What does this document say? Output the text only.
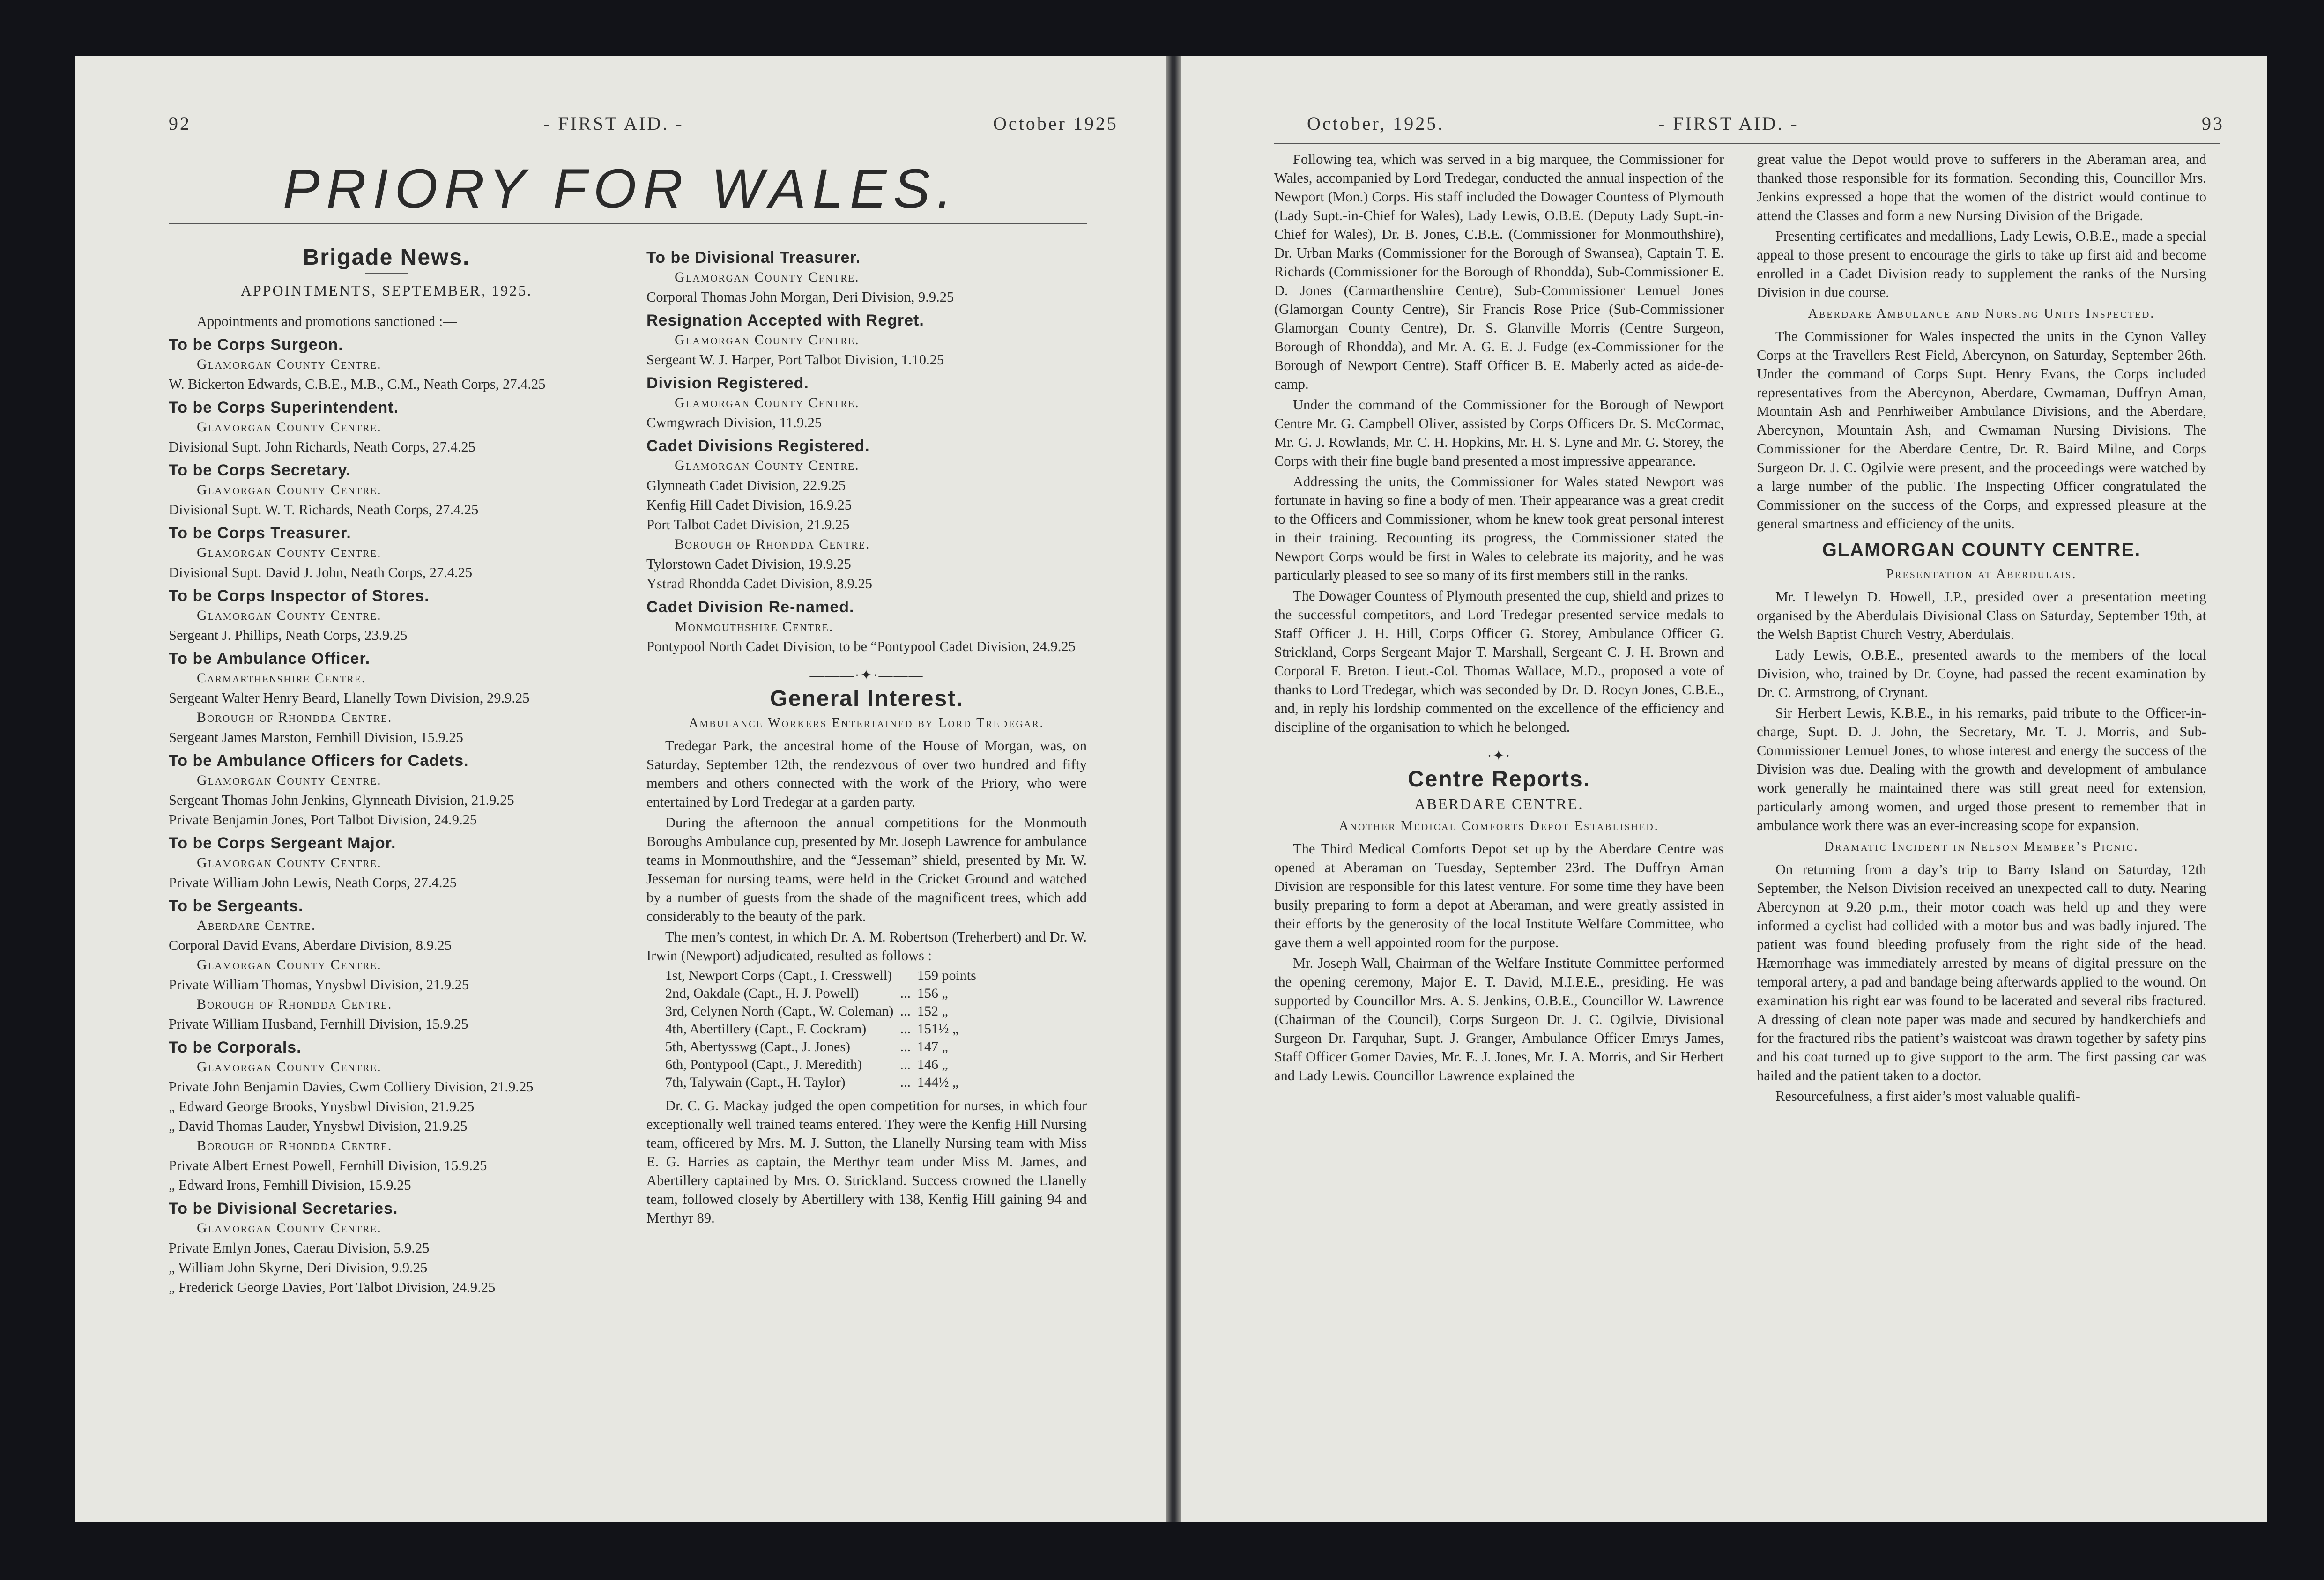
92	- FIRST AID. -	October 1925
PRIORY FOR WALES.
Brigade News.
APPOINTMENTS, SEPTEMBER, 1925.
Appointments and promotions sanctioned :—
To be Corps Surgeon.
Glamorgan County Centre.
W. Bickerton Edwards, C.B.E., M.B., C.M., Neath Corps, 27.4.25
To be Corps Superintendent.
Glamorgan County Centre.
Divisional Supt. John Richards, Neath Corps, 27.4.25
To be Corps Secretary.
Glamorgan County Centre.
Divisional Supt. W. T. Richards, Neath Corps, 27.4.25
To be Corps Treasurer.
Glamorgan County Centre.
Divisional Supt. David J. John, Neath Corps, 27.4.25
To be Corps Inspector of Stores.
Glamorgan County Centre.
Sergeant J. Phillips, Neath Corps, 23.9.25
To be Ambulance Officer.
Carmarthenshire Centre.
Sergeant Walter Henry Beard, Llanelly Town Division, 29.9.25
Borough of Rhondda Centre.
Sergeant James Marston, Fernhill Division, 15.9.25
To be Ambulance Officers for Cadets.
Glamorgan County Centre.
Sergeant Thomas John Jenkins, Glynneath Division, 21.9.25
Private Benjamin Jones, Port Talbot Division, 24.9.25
To be Corps Sergeant Major.
Glamorgan County Centre.
Private William John Lewis, Neath Corps, 27.4.25
To be Sergeants.
Aberdare Centre.
Corporal David Evans, Aberdare Division, 8.9.25
Glamorgan County Centre.
Private William Thomas, Ynysbwl Division, 21.9.25
Borough of Rhondda Centre.
Private William Husband, Fernhill Division, 15.9.25
To be Corporals.
Glamorgan County Centre.
Private John Benjamin Davies, Cwm Colliery Division, 21.9.25
„ Edward George Brooks, Ynysbwl Division, 21.9.25
„ David Thomas Lauder, Ynysbwl Division, 21.9.25
Borough of Rhondda Centre.
Private Albert Ernest Powell, Fernhill Division, 15.9.25
„ Edward Irons, Fernhill Division, 15.9.25
To be Divisional Secretaries.
Glamorgan County Centre.
Private Emlyn Jones, Caerau Division, 5.9.25
„ William John Skyrne, Deri Division, 9.9.25
„ Frederick George Davies, Port Talbot Division, 24.9.25
To be Divisional Treasurer.
Glamorgan County Centre.
Corporal Thomas John Morgan, Deri Division, 9.9.25
Resignation Accepted with Regret.
Glamorgan County Centre.
Sergeant W. J. Harper, Port Talbot Division, 1.10.25
Division Registered.
Glamorgan County Centre.
Cwmgwrach Division, 11.9.25
Cadet Divisions Registered.
Glamorgan County Centre.
Glynneath Cadet Division, 22.9.25
Kenfig Hill Cadet Division, 16.9.25
Port Talbot Cadet Division, 21.9.25
Borough of Rhondda Centre.
Tylorstown Cadet Division, 19.9.25
Ystrad Rhondda Cadet Division, 8.9.25
Cadet Division Re-named.
Monmouthshire Centre.
Pontypool North Cadet Division, to be “Pontypool Cadet Division, 24.9.25
———·✦·———
General Interest.
Ambulance Workers Entertained by Lord Tredegar.

Tredegar Park, the ancestral home of the House of Morgan, was, on Saturday, September 12th, the rendezvous of over two hundred and fifty members and others connected with the work of the Priory, who were entertained by Lord Tredegar at a garden party.

During the afternoon the annual competitions for the Monmouth Boroughs Ambulance cup, presented by Mr. Joseph Lawrence for ambulance teams in Monmouthshire, and the “Jesseman” shield, presented by Mr. W. Jesseman for nursing teams, were held in the Cricket Ground and watched by a number of guests from the shade of the magnificent trees, which add considerably to the beauty of the park.

The men’s contest, in which Dr. A. M. Robertson (Treherbert) and Dr. W. Irwin (Newport) adjudicated, resulted as follows :—

1st, Newport Corps (Capt., I. Cresswell)		159 points
2nd, Oakdale (Capt., H. J. Powell)	...	156 „
3rd, Celynen North (Capt., W. Coleman)	...	152 „
4th, Abertillery (Capt., F. Cockram)	...	151½ „
5th, Abertysswg (Capt., J. Jones)	...	147 „
6th, Pontypool (Capt., J. Meredith)	...	146 „
7th, Talywain (Capt., H. Taylor)	...	144½ „

Dr. C. G. Mackay judged the open competition for nurses, in which four exceptionally well trained teams entered. They were the Kenfig Hill Nursing team, officered by Mrs. M. J. Sutton, the Llanelly Nursing team with Miss E. G. Harries as captain, the Merthyr team under Miss M. James, and Abertillery captained by Mrs. O. Strickland. Success crowned the Llanelly team, followed closely by Abertillery with 138, Kenfig Hill gaining 94 and Merthyr 89.

October, 1925.	- FIRST AID. -	93

Following tea, which was served in a big marquee, the Commissioner for Wales, accompanied by Lord Tredegar, conducted the annual inspection of the Newport (Mon.) Corps. His staff included the Dowager Countess of Plymouth (Lady Supt.-in-Chief for Wales), Lady Lewis, O.B.E. (Deputy Lady Supt.-in-Chief for Wales), Dr. B. Jones, C.B.E. (Commissioner for Monmouthshire), Dr. Urban Marks (Commissioner for the Borough of Swansea), Captain T. E. Richards (Commissioner for the Borough of Rhondda), Sub-Commissioner E. D. Jones (Carmarthenshire Centre), Sub-Commissioner Lemuel Jones (Glamorgan County Centre), Sir Francis Rose Price (Sub-Commissioner Glamorgan County Centre), Dr. S. Glanville Morris (Centre Surgeon, Borough of Rhondda), and Mr. A. G. E. J. Fudge (ex-Commissioner for the Borough of Newport Centre). Staff Officer B. E. Maberly acted as aide-de-camp.

Under the command of the Commissioner for the Borough of Newport Centre Mr. G. Campbell Oliver, assisted by Corps Officers Dr. S. McCormac, Mr. G. J. Rowlands, Mr. C. H. Hopkins, Mr. H. S. Lyne and Mr. G. Storey, the Corps with their fine bugle band presented a most impressive appearance.

Addressing the units, the Commissioner for Wales stated Newport was fortunate in having so fine a body of men. Their appearance was a great credit to the Officers and Commissioner, whom he knew took great personal interest in their training. Recounting its progress, the Commissioner stated the Newport Corps would be first in Wales to celebrate its majority, and he was particularly pleased to see so many of its first members still in the ranks.

The Dowager Countess of Plymouth presented the cup, shield and prizes to the successful competitors, and Lord Tredegar presented service medals to Staff Officer J. H. Hill, Corps Officer G. Storey, Ambulance Officer G. Strickland, Corps Sergeant Major T. Marshall, Sergeant C. J. H. Brown and Corporal F. Breton. Lieut.-Col. Thomas Wallace, M.D., proposed a vote of thanks to Lord Tredegar, which was seconded by Dr. D. Rocyn Jones, C.B.E., and, in reply his lordship commented on the excellence of the efficiency and discipline of the organisation to which he belonged.

———·✦·———
Centre Reports.
ABERDARE CENTRE.
Another Medical Comforts Depot Established.

The Third Medical Comforts Depot set up by the Aberdare Centre was opened at Aberaman on Tuesday, September 23rd. The Duffryn Aman Division are responsible for this latest venture. For some time they have been busily preparing to form a depot at Aberaman, and were greatly assisted in their efforts by the generosity of the local Institute Welfare Committee, who gave them a well appointed room for the purpose.

Mr. Joseph Wall, Chairman of the Welfare Institute Committee performed the opening ceremony, Major E. T. David, M.I.E.E., presiding. He was supported by Councillor Mrs. A. S. Jenkins, O.B.E., Councillor W. Lawrence (Chairman of the Council), Corps Surgeon Dr. J. C. Ogilvie, Divisional Surgeon Dr. Farquhar, Supt. J. Granger, Ambulance Officer Emrys James, Staff Officer Gomer Davies, Mr. E. J. Jones, Mr. J. A. Morris, and Sir Herbert and Lady Lewis. Councillor Lawrence explained the

great value the Depot would prove to sufferers in the Aberaman area, and thanked those responsible for its formation. Seconding this, Councillor Mrs. Jenkins expressed a hope that the women of the district would continue to attend the Classes and form a new Nursing Division of the Brigade.

Presenting certificates and medallions, Lady Lewis, O.B.E., made a special appeal to those present to encourage the girls to take up first aid and become enrolled in a Cadet Division ready to supplement the ranks of the Nursing Division in due course.

Aberdare Ambulance and Nursing Units Inspected.

The Commissioner for Wales inspected the units in the Cynon Valley Corps at the Travellers Rest Field, Abercynon, on Saturday, September 26th. Under the command of Corps Supt. Henry Evans, the Corps included representatives from the Abercynon, Aberdare, Cwmaman, Duffryn Aman, Mountain Ash and Penrhiweiber Ambulance Divisions, and the Aberdare, Abercynon, Mountain Ash, and Cwmaman Nursing Divisions. The Commissioner for the Aberdare Centre, Dr. R. Baird Milne, and Corps Surgeon Dr. J. C. Ogilvie were present, and the proceedings were watched by a large number of the public. The Inspecting Officer congratulated the Commissioner on the success of the Corps, and expressed pleasure at the general smartness and efficiency of the units.

GLAMORGAN COUNTY CENTRE.
Presentation at Aberdulais.

Mr. Llewelyn D. Howell, J.P., presided over a presentation meeting organised by the Aberdulais Divisional Class on Saturday, September 19th, at the Welsh Baptist Church Vestry, Aberdulais.

Lady Lewis, O.B.E., presented awards to the members of the local Division, who, trained by Dr. Coyne, had passed the recent examination by Dr. C. Armstrong, of Crynant.

Sir Herbert Lewis, K.B.E., in his remarks, paid tribute to the Officer-in-charge, Supt. D. J. John, the Secretary, Mr. T. J. Morris, and Sub-Commissioner Lemuel Jones, to whose interest and energy the success of the Division was due. Dealing with the growth and development of ambulance work generally he maintained there was still great need for extension, particularly among women, and urged those present to remember that in ambulance work there was an ever-increasing scope for expansion.

Dramatic Incident in Nelson Member’s Picnic.

On returning from a day’s trip to Barry Island on Saturday, 12th September, the Nelson Division received an unexpected call to duty. Nearing Abercynon at 9.20 p.m., their motor coach was held up and they were informed a cyclist had collided with a motor bus and was badly injured. The patient was found bleeding profusely from the right side of the head. Hæmorrhage was immediately arrested by means of digital pressure on the temporal artery, a pad and bandage being afterwards applied to the wound. On examination his right ear was found to be lacerated and several ribs fractured. A dressing of clean note paper was made and secured by handkerchiefs and for the fractured ribs the patient’s waistcoat was drawn together by safety pins and his coat turned up to give support to the arm. The first passing car was hailed and the patient taken to a doctor.

Resourcefulness, a first aider’s most valuable qualifi-
